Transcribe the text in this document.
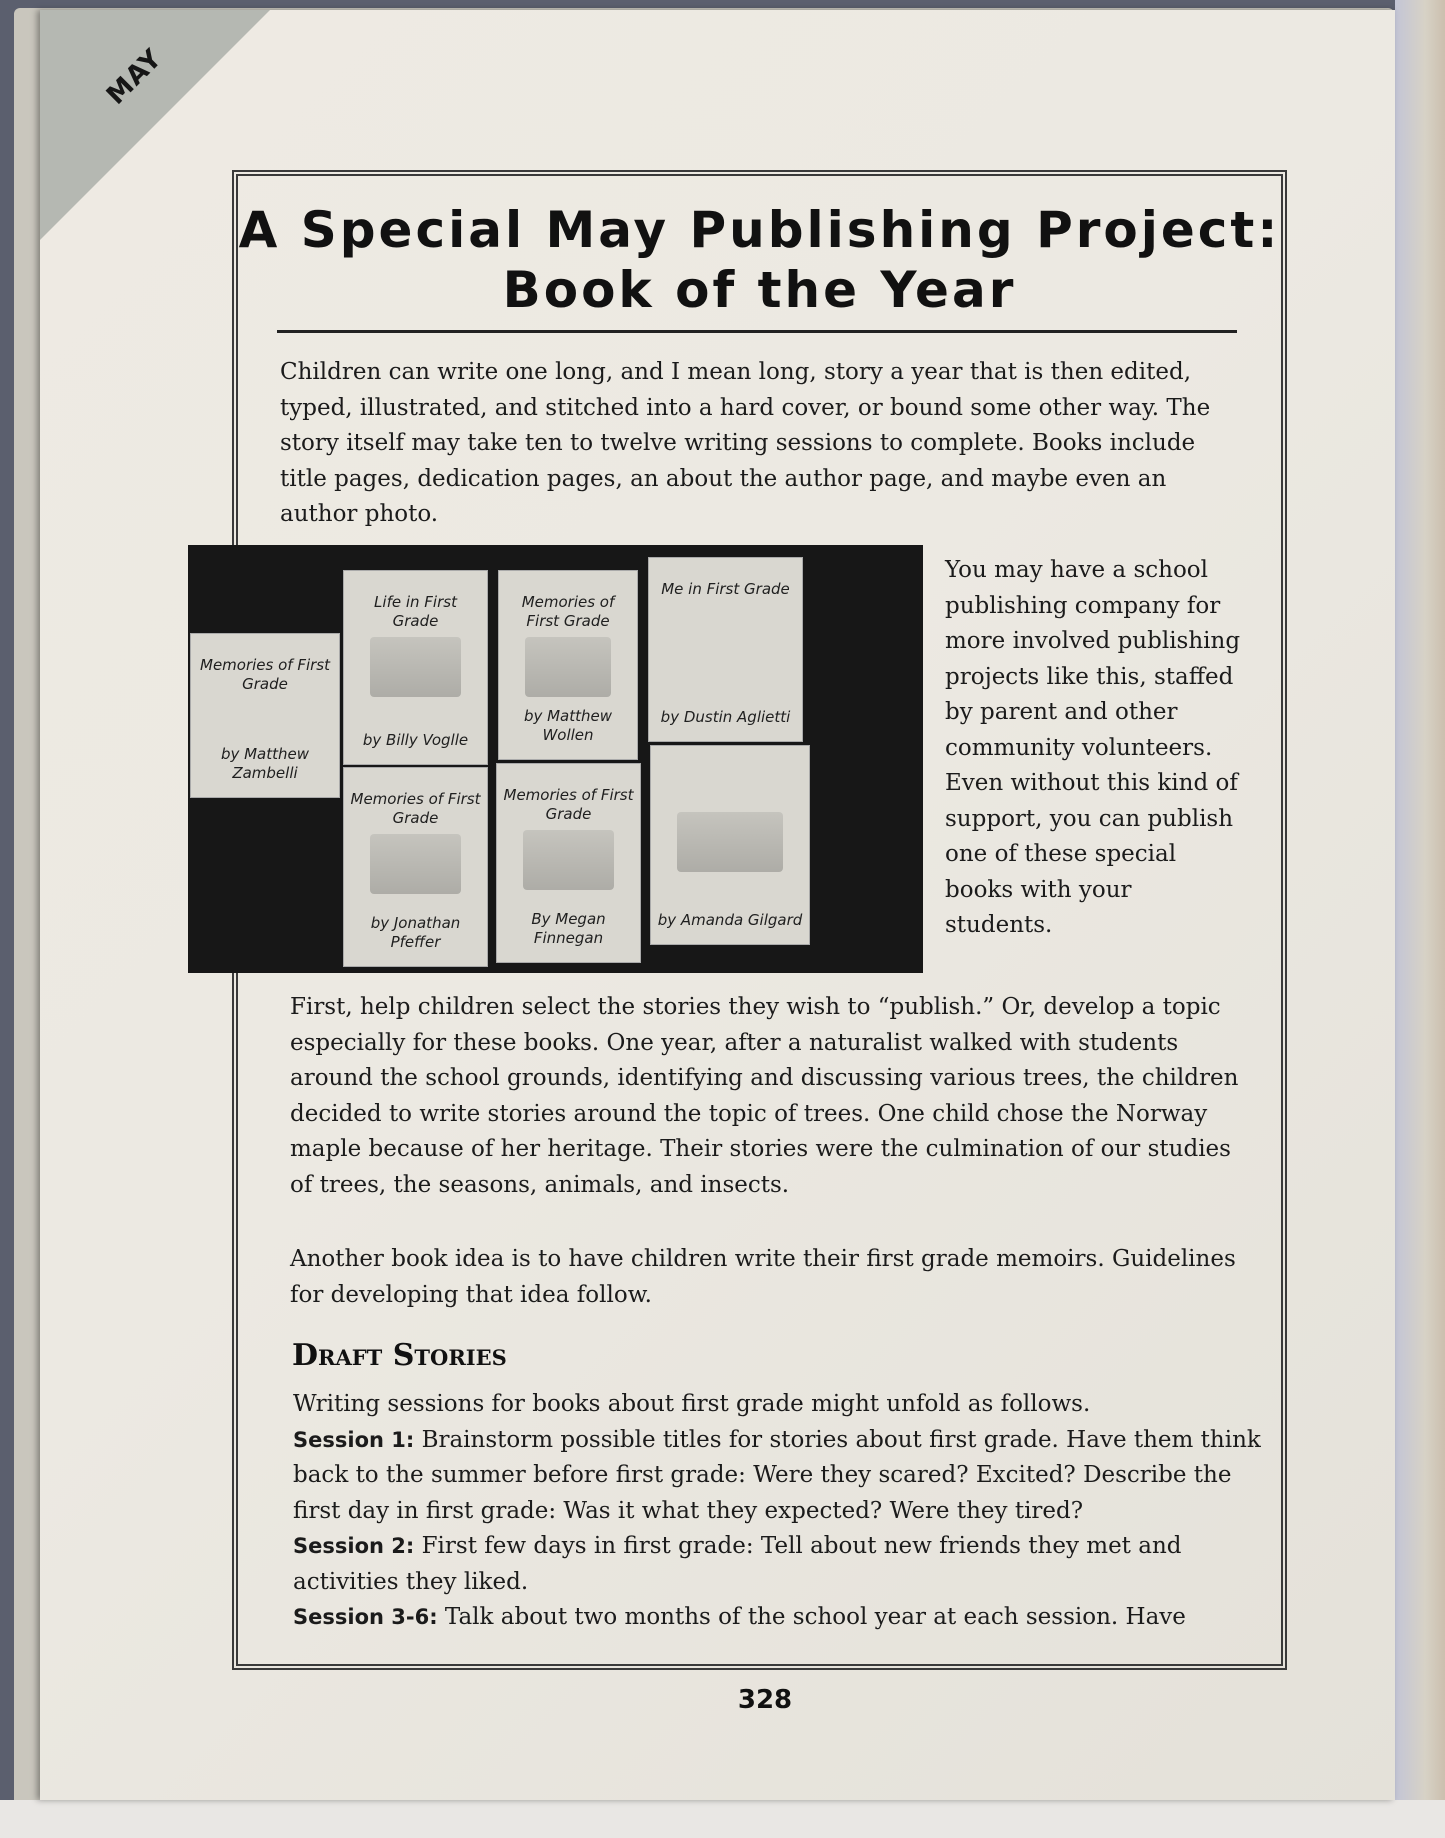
MAY
A Special May Publishing Project:
Book of the Year

Children can write one long, and I mean long, story a year that is then edited, typed, illustrated, and stitched into a hard cover, or bound some other way. The story itself may take ten to twelve writing sessions to complete. Books include title pages, dedication pages, an about the author page, and maybe even an author photo.

Memories of First Grade
by Matthew Zambelli
Life in First Grade
by Billy Voglle
Memories of First Grade
by Matthew Wollen
Me in First Grade
by Dustin Aglietti
Memories of First Grade
by Jonathan Pfeffer
Memories of First Grade
By Megan Finnegan
by Amanda Gilgard

You may have a school publishing company for more involved publishing projects like this, staffed by parent and other community volunteers. Even without this kind of support, you can publish one of these special books with your students.

First, help children select the stories they wish to “publish.” Or, develop a topic especially for these books. One year, after a naturalist walked with students around the school grounds, identifying and discussing various trees, the children decided to write stories around the topic of trees. One child chose the Norway maple because of her heritage. Their stories were the culmination of our studies of trees, the seasons, animals, and insects.

Another book idea is to have children write their first grade memoirs. Guidelines for developing that idea follow.

Draft Stories

Writing sessions for books about first grade might unfold as follows.

Session 1: Brainstorm possible titles for stories about first grade. Have them think back to the summer before first grade: Were they scared? Excited? Describe the first day in first grade: Was it what they expected? Were they tired?

Session 2: First few days in first grade: Tell about new friends they met and activities they liked.

Session 3-6: Talk about two months of the school year at each session. Have

328
